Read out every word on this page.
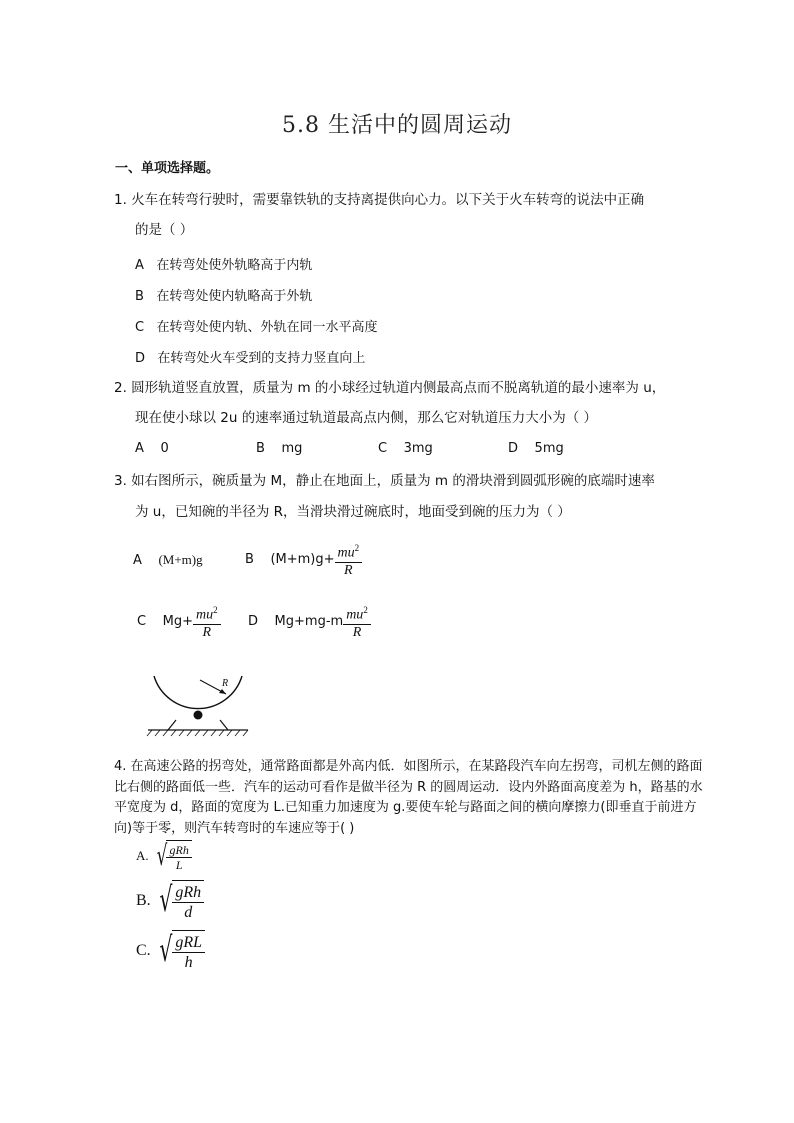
5.8 生活中的圆周运动
一、单项选择题。
1. 火车在转弯行驶时，需要靠铁轨的支持离提供向心力。以下关于火车转弯的说法中正确
的是（ ）
A 在转弯处使外轨略高于内轨
B 在转弯处使内轨略高于外轨
C 在转弯处使内轨、外轨在同一水平高度
D 在转弯处火车受到的支持力竖直向上
2. 圆形轨道竖直放置，质量为 m 的小球经过轨道内侧最高点而不脱离轨道的最小速率为 u，
现在使小球以 2u 的速率通过轨道最高点内侧，那么它对轨道压力大小为（ ）
A 0	B mg	C 3mg	D 5mg
3. 如右图所示，碗质量为 M，静止在地面上，质量为 m 的滑块滑到圆弧形碗的底端时速率
为 u，已知碗的半径为 R，当滑块滑过碗底时，地面受到碗的压力为（ ）
A (M+m)g	B
$(M+m)g+ \frac{mu^2}{R}$
C
$Mg+ \frac{mu^2}{R}$ D
$Mg+mg-m \frac{mu^2}{R}$
R
4. 在高速公路的拐弯处，通常路面都是外高内低．如图所示，在某路段汽车向左拐弯，司机左侧的路面比右侧的路面低一些．汽车的运动可看作是做半径为 R 的圆周运动．设内外路面高度差为 h，路基的水平宽度为 d，路面的宽度为 L.已知重力加速度为 g.要使车轮与路面之间的横向摩擦力(即垂直于前进方向)等于零，则汽车转弯时的车速应等于( )
A. √ $\frac{\text{gRh}}{L}$
B. √ $\frac{\text{gRh}}{d}$
C. √ $\frac{\text{gRL}}{h}$
